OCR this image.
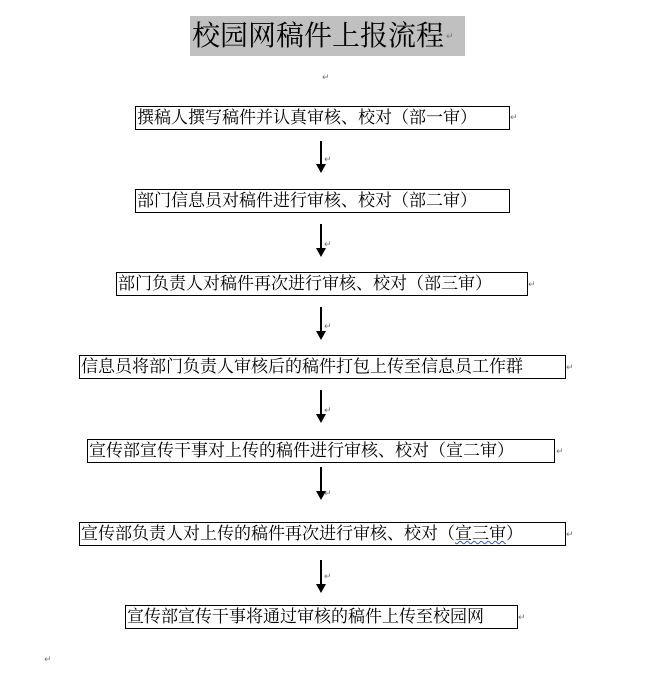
校园网稿件上报流程 ↵
↵
撰稿人撰写稿件并认真审核、校对（部一审）	↵
↵
部门信息员对稿件进行审核、校对（部二审）
↵
部门负责人对稿件再次进行审核、校对（部三审）	↵
↵
信息员将部门负责人审核后的稿件打包上传至信息员工作群	↵
↵
宣传部宣传干事对上传的稿件进行审核、校对（宣二审）	↵
↵
宣传部负责人对上传的稿件再次进行审核、校对（宣三审）	↵
↵
宣传部宣传干事将通过审核的稿件上传至校园网	↵
↵
